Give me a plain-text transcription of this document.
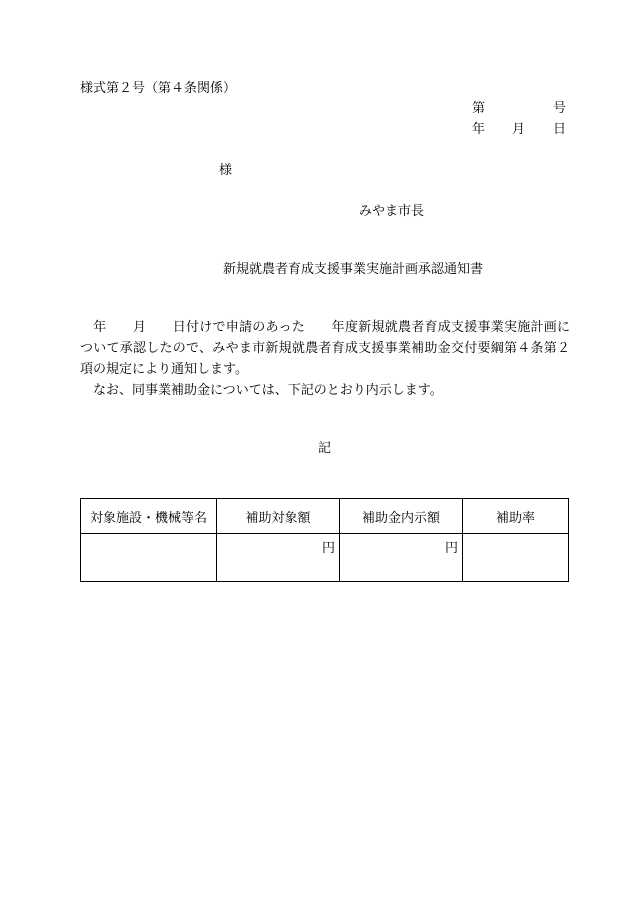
様式第２号（第４条関係）
第	号
年 月 日
様
みやま市長
新規就農者育成支援事業実施計画承認通知書

　年　　月　　日付けで申請のあった　　年度新規就農者育成支援事業実施計画について承認したので、みやま市新規就農者育成支援事業補助金交付要綱第４条第２項の規定により通知します。

　なお、同事業補助金については、下記のとおり内示します。

記
対象施設・機械等名	補助対象額	補助金内示額	補助率
	円	円	
